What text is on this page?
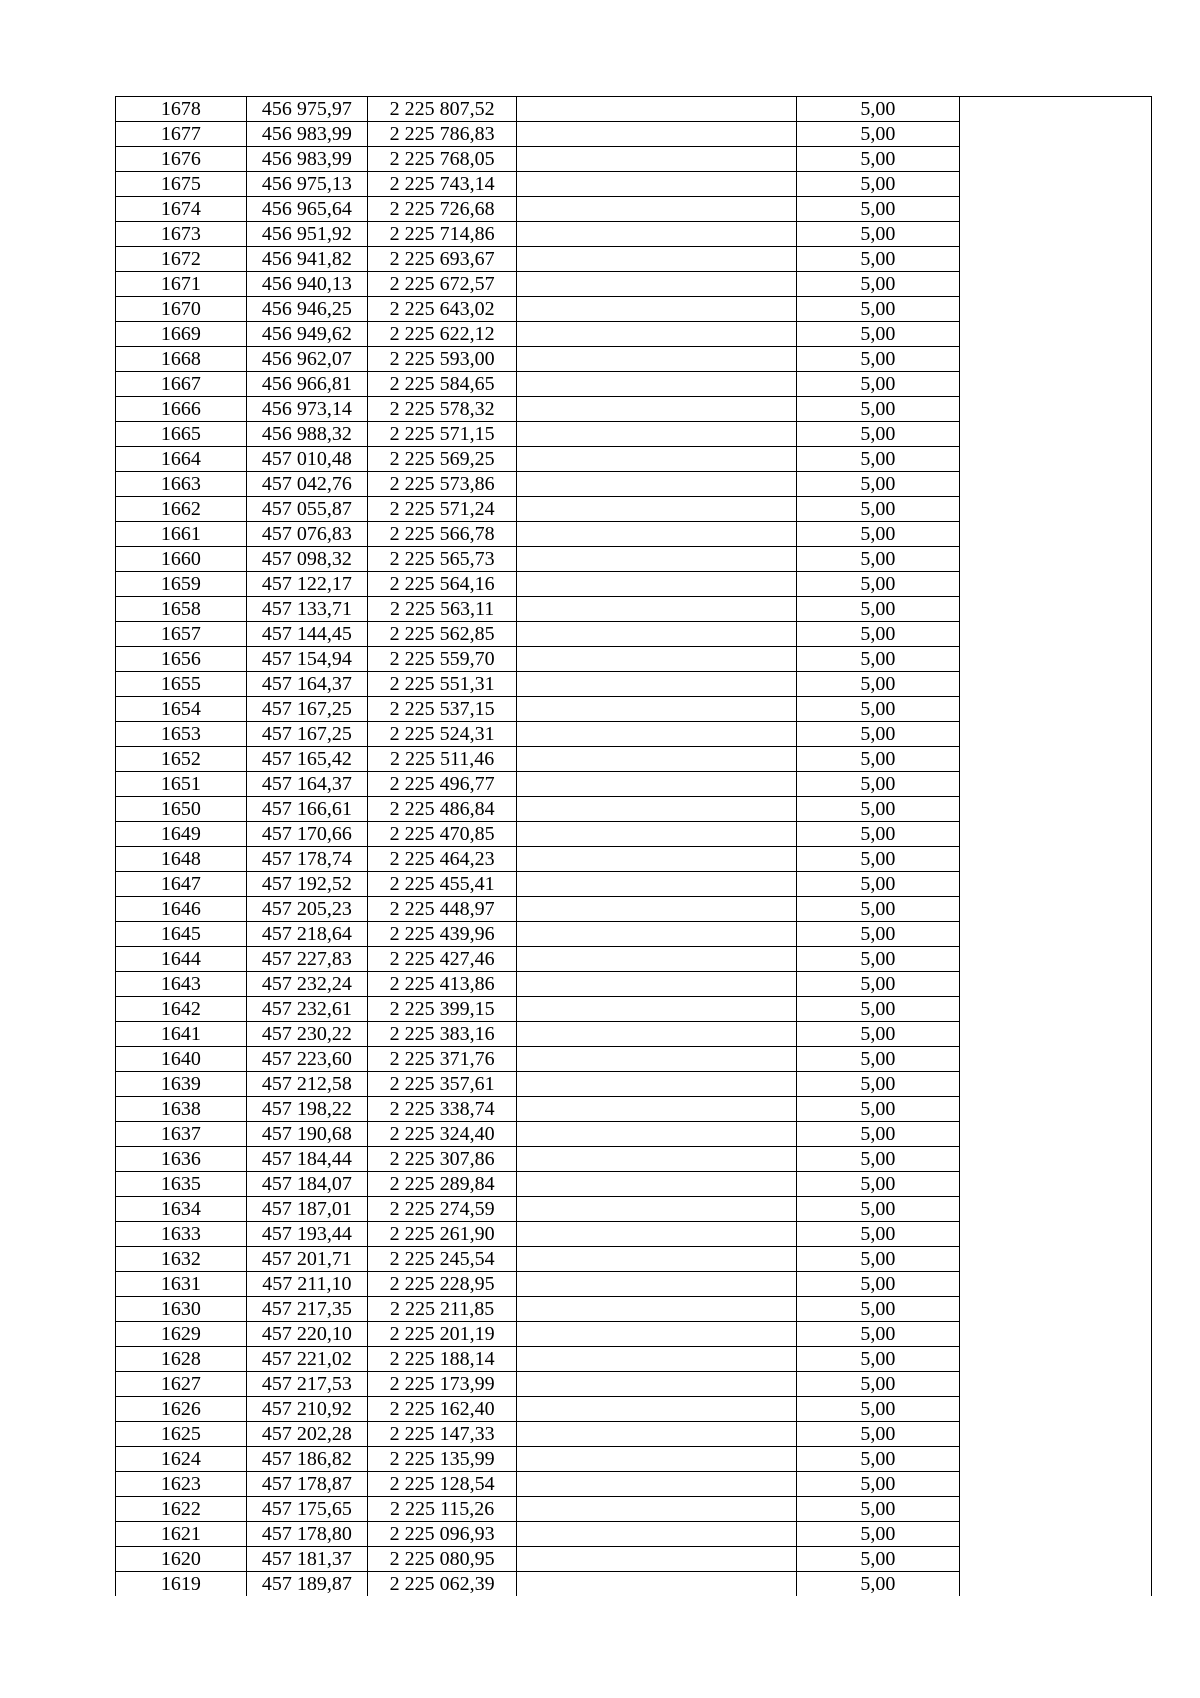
1678	456 975,97	2 225 807,52		5,00	
1677	456 983,99	2 225 786,83		5,00	
1676	456 983,99	2 225 768,05		5,00	
1675	456 975,13	2 225 743,14		5,00	
1674	456 965,64	2 225 726,68		5,00	
1673	456 951,92	2 225 714,86		5,00	
1672	456 941,82	2 225 693,67		5,00	
1671	456 940,13	2 225 672,57		5,00	
1670	456 946,25	2 225 643,02		5,00	
1669	456 949,62	2 225 622,12		5,00	
1668	456 962,07	2 225 593,00		5,00	
1667	456 966,81	2 225 584,65		5,00	
1666	456 973,14	2 225 578,32		5,00	
1665	456 988,32	2 225 571,15		5,00	
1664	457 010,48	2 225 569,25		5,00	
1663	457 042,76	2 225 573,86		5,00	
1662	457 055,87	2 225 571,24		5,00	
1661	457 076,83	2 225 566,78		5,00	
1660	457 098,32	2 225 565,73		5,00	
1659	457 122,17	2 225 564,16		5,00	
1658	457 133,71	2 225 563,11		5,00	
1657	457 144,45	2 225 562,85		5,00	
1656	457 154,94	2 225 559,70		5,00	
1655	457 164,37	2 225 551,31		5,00	
1654	457 167,25	2 225 537,15		5,00	
1653	457 167,25	2 225 524,31		5,00	
1652	457 165,42	2 225 511,46		5,00	
1651	457 164,37	2 225 496,77		5,00	
1650	457 166,61	2 225 486,84		5,00	
1649	457 170,66	2 225 470,85		5,00	
1648	457 178,74	2 225 464,23		5,00	
1647	457 192,52	2 225 455,41		5,00	
1646	457 205,23	2 225 448,97		5,00	
1645	457 218,64	2 225 439,96		5,00	
1644	457 227,83	2 225 427,46		5,00	
1643	457 232,24	2 225 413,86		5,00	
1642	457 232,61	2 225 399,15		5,00	
1641	457 230,22	2 225 383,16		5,00	
1640	457 223,60	2 225 371,76		5,00	
1639	457 212,58	2 225 357,61		5,00	
1638	457 198,22	2 225 338,74		5,00	
1637	457 190,68	2 225 324,40		5,00	
1636	457 184,44	2 225 307,86		5,00	
1635	457 184,07	2 225 289,84		5,00	
1634	457 187,01	2 225 274,59		5,00	
1633	457 193,44	2 225 261,90		5,00	
1632	457 201,71	2 225 245,54		5,00	
1631	457 211,10	2 225 228,95		5,00	
1630	457 217,35	2 225 211,85		5,00	
1629	457 220,10	2 225 201,19		5,00	
1628	457 221,02	2 225 188,14		5,00	
1627	457 217,53	2 225 173,99		5,00	
1626	457 210,92	2 225 162,40		5,00	
1625	457 202,28	2 225 147,33		5,00	
1624	457 186,82	2 225 135,99		5,00	
1623	457 178,87	2 225 128,54		5,00	
1622	457 175,65	2 225 115,26		5,00	
1621	457 178,80	2 225 096,93		5,00	
1620	457 181,37	2 225 080,95		5,00	
1619	457 189,87	2 225 062,39		5,00	
